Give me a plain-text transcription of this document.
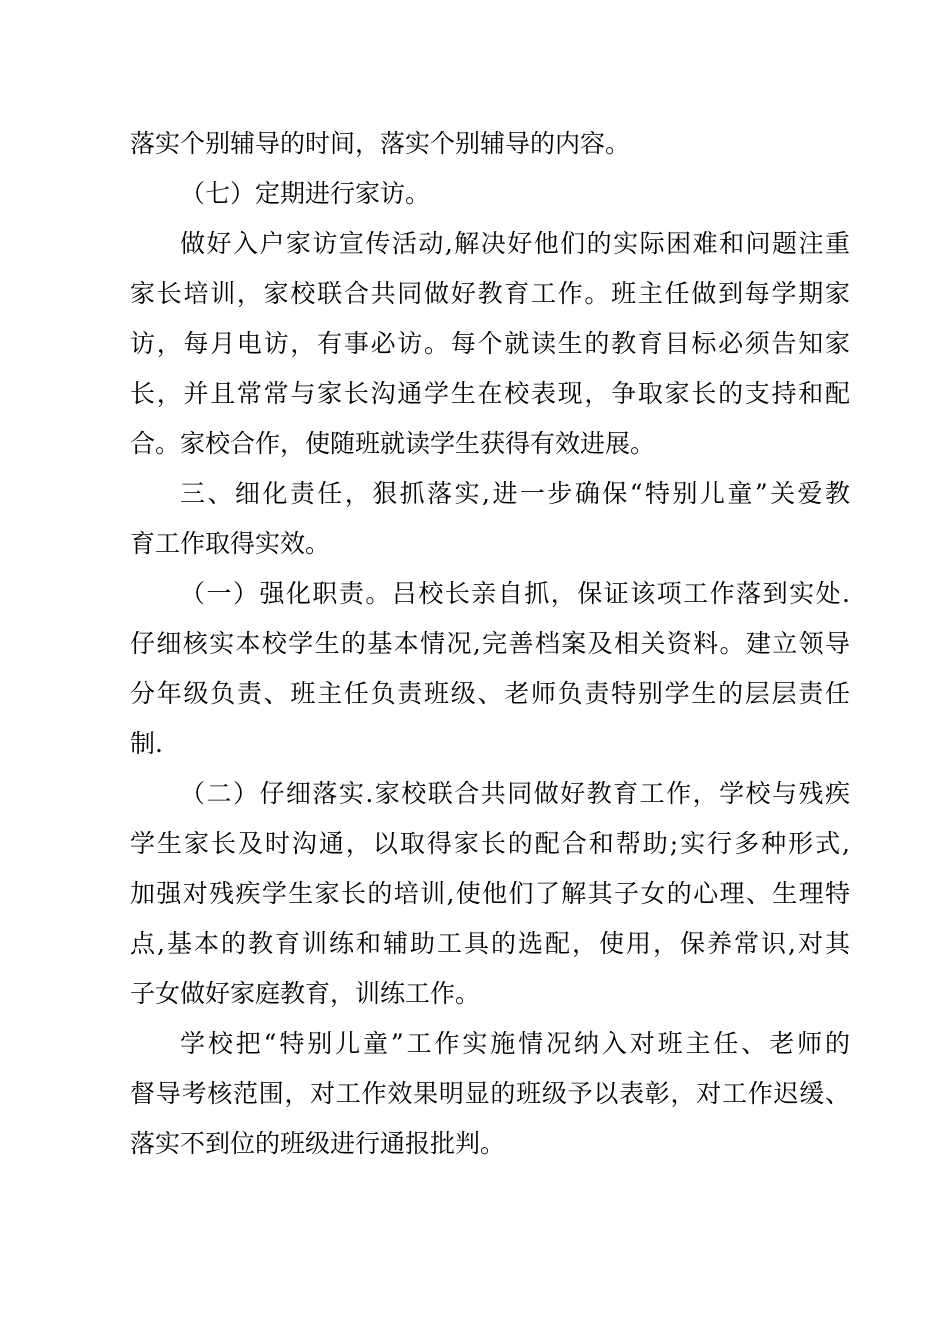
落实个别辅导的时间，落实个别辅导的内容。
（七）定期进行家访。
做好入户家访宣传活动,解决好他们的实际困难和问题注重
家长培训，家校联合共同做好教育工作。班主任做到每学期家
访，每月电访，有事必访。每个就读生的教育目标必须告知家
长，并且常常与家长沟通学生在校表现，争取家长的支持和配
合。家校合作，使随班就读学生获得有效进展。
三、细化责任，狠抓落实,进一步确保“特别儿童”关爱教
育工作取得实效。
（一）强化职责。吕校长亲自抓，保证该项工作落到实处.
仔细核实本校学生的基本情况,完善档案及相关资料。建立领导
分年级负责、班主任负责班级、老师负责特别学生的层层责任
制.
（二）仔细落实.家校联合共同做好教育工作，学校与残疾
学生家长及时沟通，以取得家长的配合和帮助;实行多种形式,
加强对残疾学生家长的培训,使他们了解其子女的心理、生理特
点,基本的教育训练和辅助工具的选配，使用，保养常识,对其
子女做好家庭教育，训练工作。
学校把“特别儿童”工作实施情况纳入对班主任、老师的
督导考核范围，对工作效果明显的班级予以表彰，对工作迟缓、
落实不到位的班级进行通报批判。
